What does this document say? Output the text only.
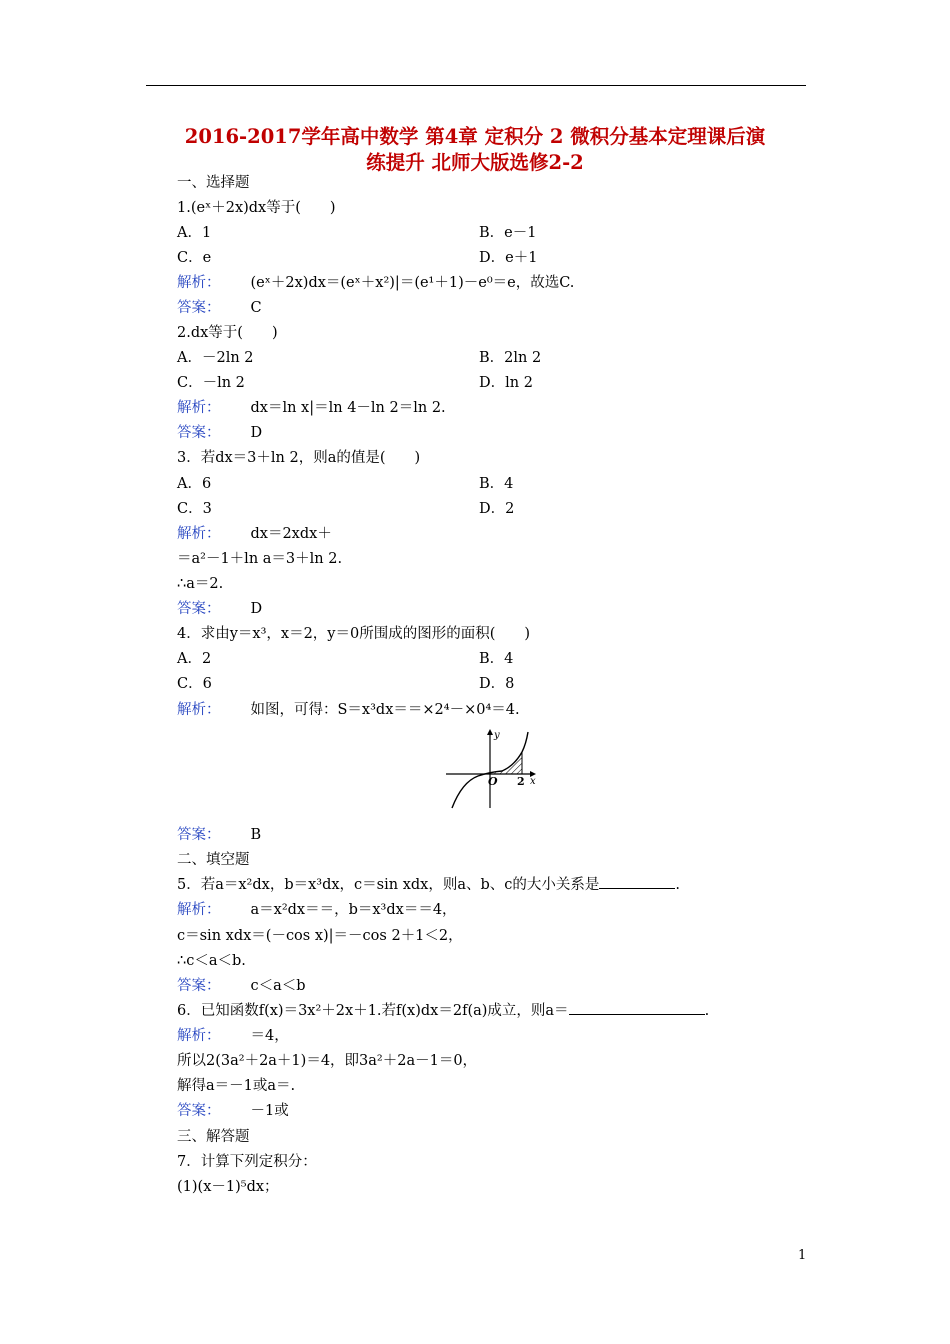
2016-2017学年高中数学 第4章 定积分 2 微积分基本定理课后演
练提升 北师大版选修2-2
一、选择题
1.(eˣ＋2x)dx等于(　　)
A．1	B．e－1
C．e	D．e＋1
解析： (eˣ＋2x)dx＝(eˣ＋x²)|＝(e¹＋1)－e⁰＝e，故选C.
答案： C
2.dx等于(　　)
A．－2ln 2	B．2ln 2
C．－ln 2	D．ln 2
解析： dx＝ln x|＝ln 4－ln 2＝ln 2.
答案： D
3．若dx＝3＋ln 2，则a的值是(　　)
A．6	B．4
C．3	D．2
解析： dx＝2xdx＋
＝a²－1＋ln a＝3＋ln 2.
∴a＝2.
答案： D
4．求由y＝x³，x＝2，y＝0所围成的图形的面积(　　)
A．2	B．4
C．6	D．8
解析： 如图，可得：S＝x³dx＝＝×2⁴－×0⁴＝4.
y
x
O 2
答案： B
二、填空题
5．若a＝x²dx，b＝x³dx，c＝sin xdx，则a、b、c的大小关系是	.
解析： a＝x²dx＝＝，b＝x³dx＝＝4，
c＝sin xdx＝(－cos x)|＝－cos 2＋1＜2，
∴c＜a＜b.
答案： c＜a＜b
6．已知函数f(x)＝3x²＋2x＋1.若f(x)dx＝2f(a)成立，则a＝	.
解析： ＝4，
所以2(3a²＋2a＋1)＝4，即3a²＋2a－1＝0，
解得a＝－1或a＝.
答案： －1或
三、解答题
7．计算下列定积分：
(1)(x－1)⁵dx；
1
